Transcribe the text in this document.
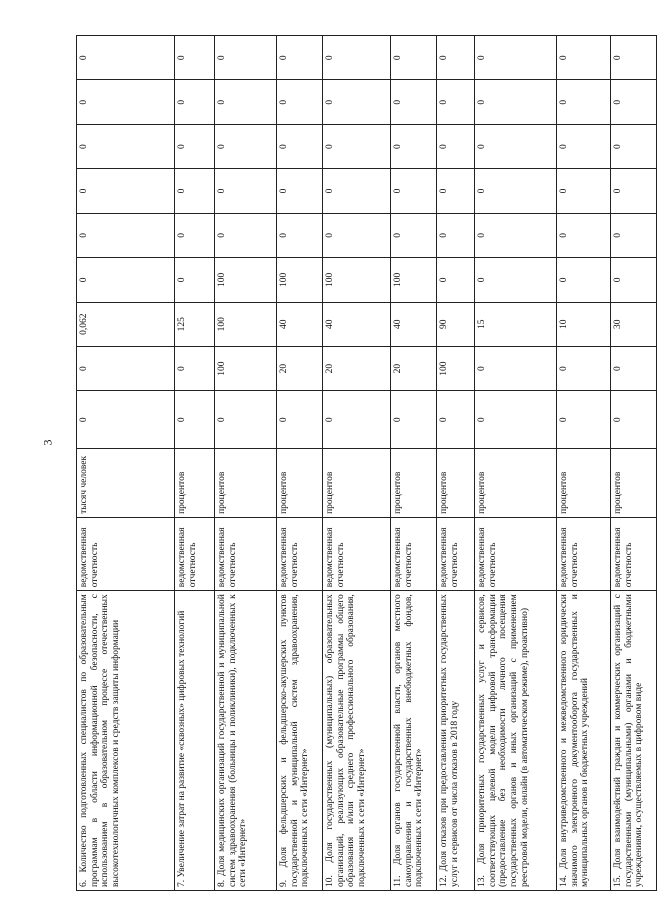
3
6. Количество подготовленных специалистов по образовательным программам в области информационной безопасности, с использованием в образовательном процессе отечественных высокотехнологичных комплексов и средств защиты информации	ведомственная отчетность	тысяч человек	0	0	0,062	0	0	0	0	0	0
7. Увеличение затрат на развитие «сквозных» цифровых технологий	ведомственная отчетность	процентов	0	0	125	0	0	0	0	0	0
8. Доля медицинских организаций государственной и муниципальной систем здравоохранения (больницы и поликлиники), подключенных к сети «Интернет»	ведомственная отчетность	процентов	0	100	100	100	0	0	0	0	0
9. Доля фельдшерских и фельдшерско-акушерских пунктов государственной и муниципальной систем здравоохранения, подключенных к сети «Интернет»	ведомственная отчетность	процентов	0	20	40	100	0	0	0	0	0
10. Доля государственных (муниципальных) образовательных организаций, реализующих образовательные программы общего образования и/или среднего профессионального образования, подключенных к сети «Интернет»	ведомственная отчетность	процентов	0	20	40	100	0	0	0	0	0
11. Доля органов государственной власти, органов местного самоуправления и государственных внебюджетных фондов, подключенных к сети «Интернет»	ведомственная отчетность	процентов	0	20	40	100	0	0	0	0	0
12. Доля отказов при предоставлении приоритетных государственных услуг и сервисов от числа отказов в 2018 году	ведомственная отчетность	процентов	0	100	90	0	0	0	0	0	0
13. Доля приоритетных государственных услуг и сервисов, соответствующих целевой модели цифровой трансформации (предоставление без необходимости личного посещения государственных органов и иных организаций с применением реестровой модели, онлайн (в автоматическом режиме), проактивно)	ведомственная отчетность	процентов	0	0	15	0	0	0	0	0	0
14. Доля внутриведомственного и межведомственного юридически значимого электронного документооборота государственных и муниципальных органов и бюджетных учреждений	ведомственная отчетность	процентов	0	0	10	0	0	0	0	0	0
15. Доля взаимодействий граждан и коммерческих организаций с государственными (муниципальными) органами и бюджетными учреждениями, осуществляемых в цифровом виде	ведомственная отчетность	процентов	0	0	30	0	0	0	0	0	0
